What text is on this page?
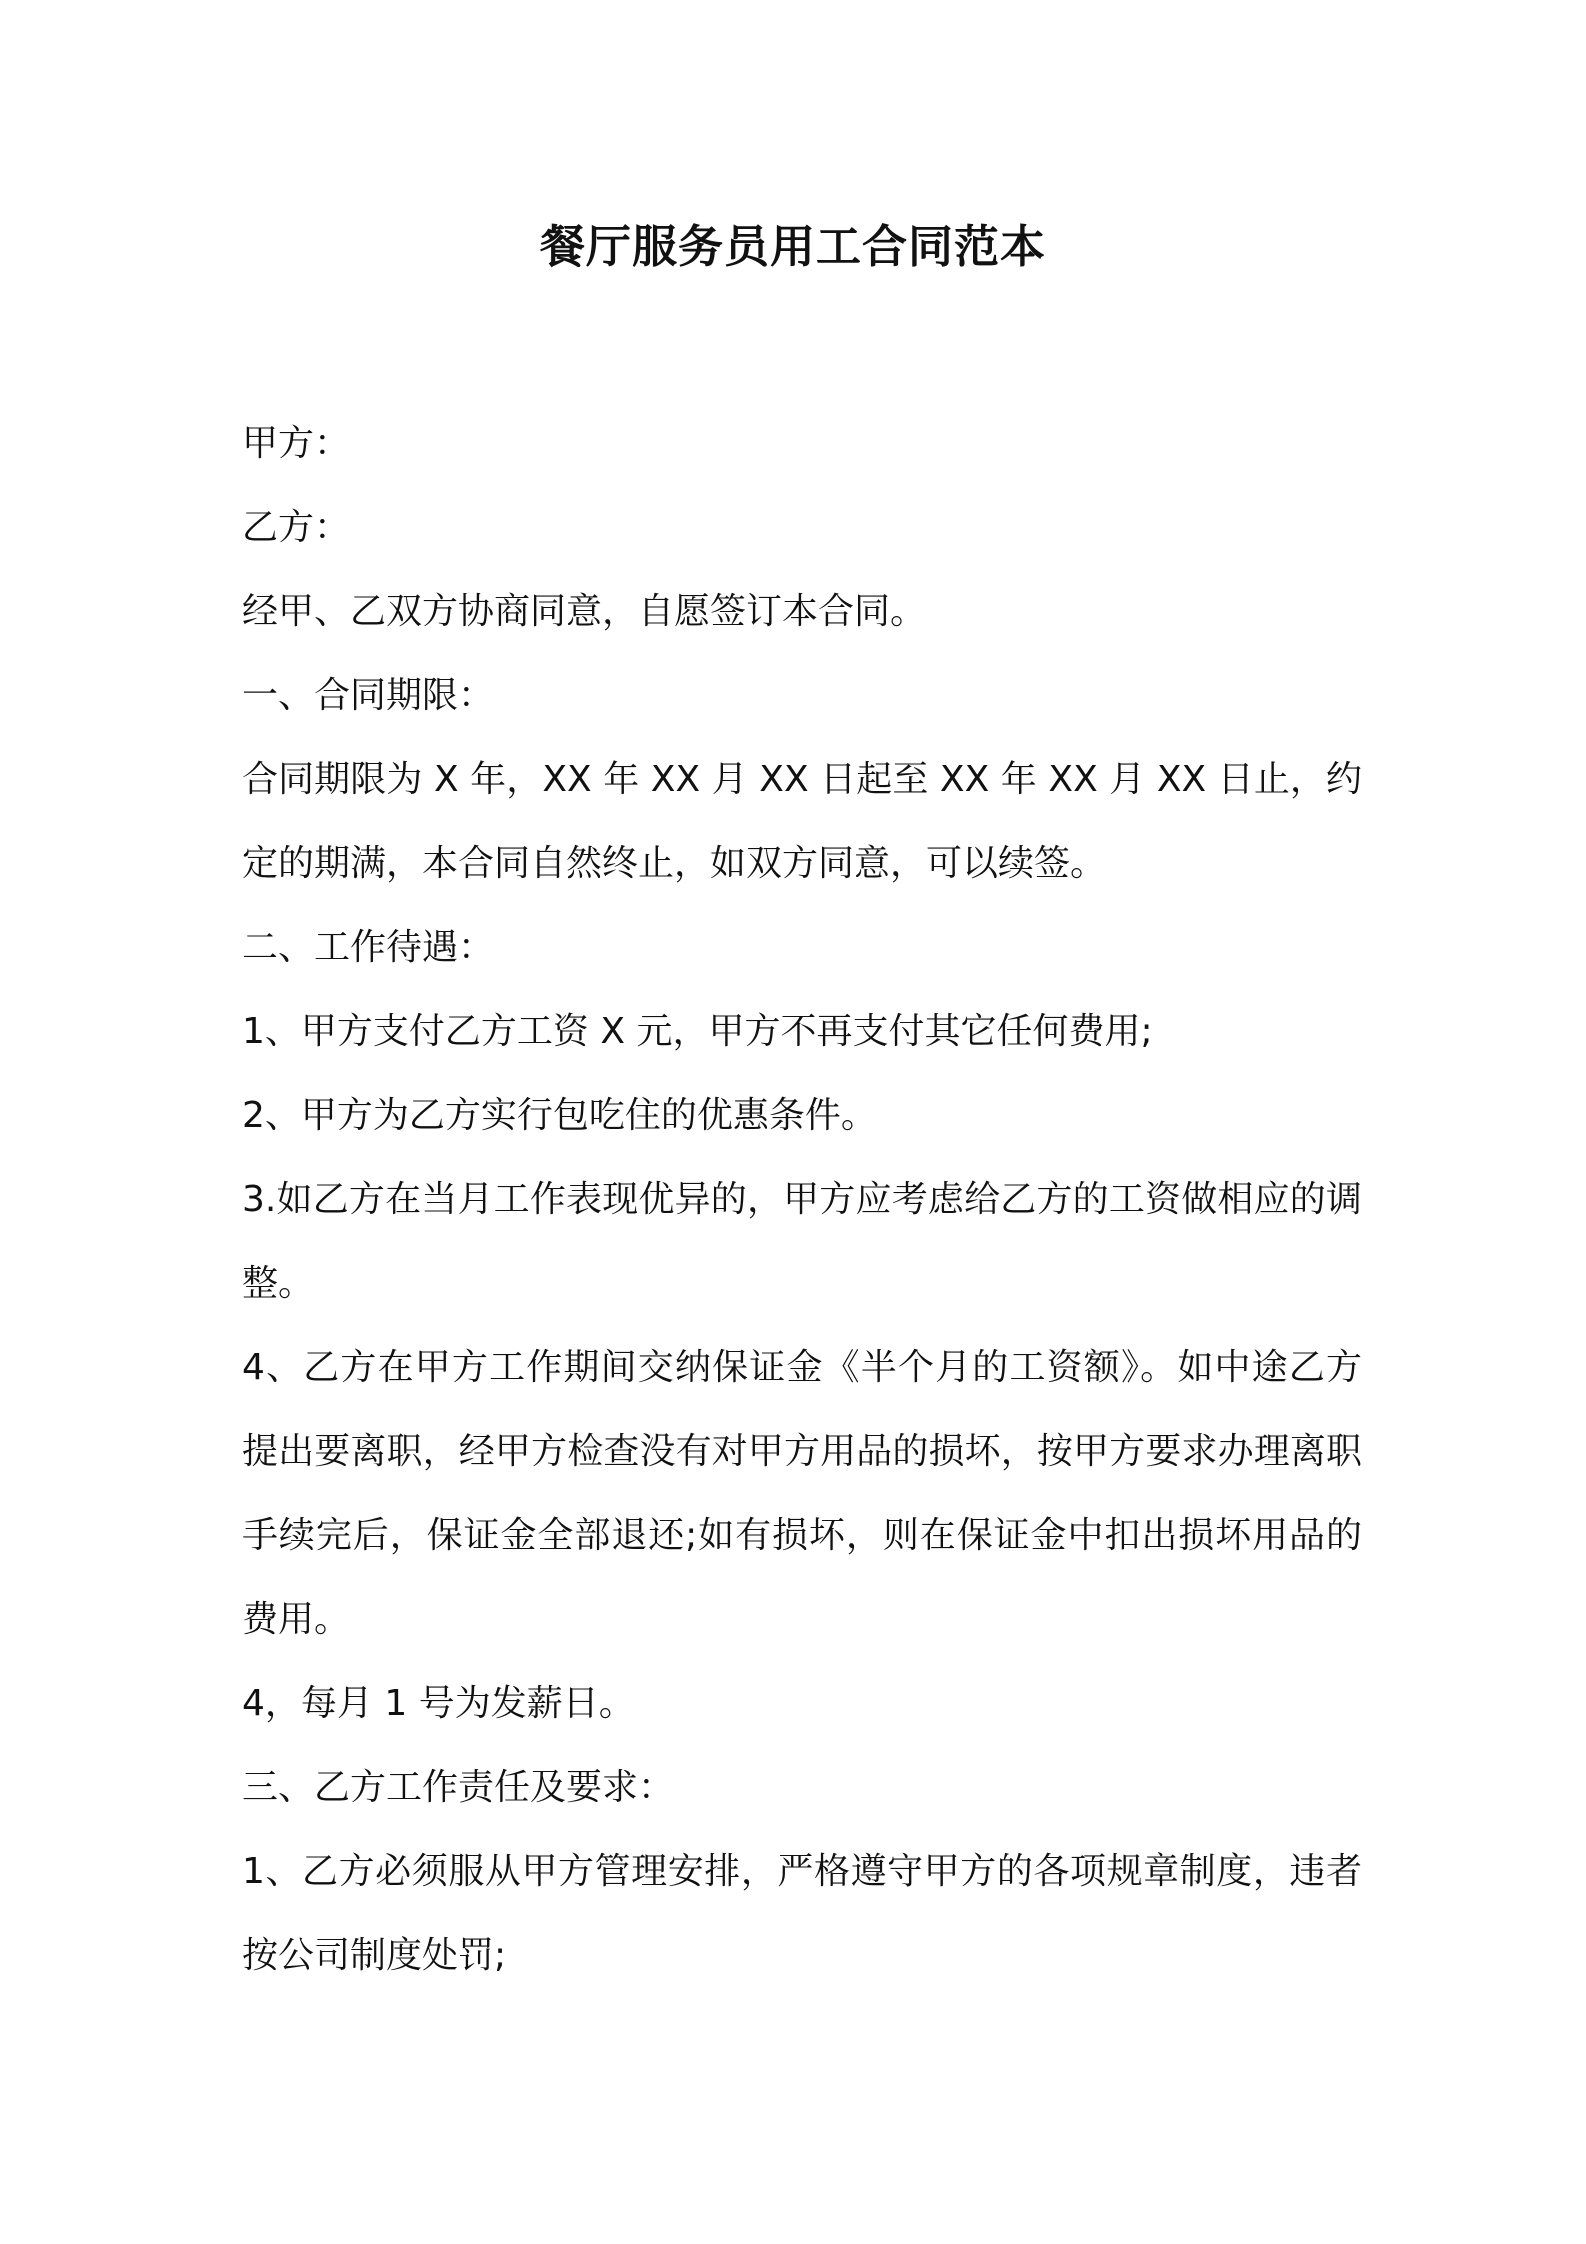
餐厅服务员用工合同范本

甲方：

乙方：

经甲、乙双方协商同意，自愿签订本合同。

一、合同期限：

合同期限为 X 年，XX 年 XX 月 XX 日起至 XX 年 XX 月 XX 日止，约定的期满，本合同自然终止，如双方同意，可以续签。

二、工作待遇：

1、甲方支付乙方工资 X 元，甲方不再支付其它任何费用;

2、甲方为乙方实行包吃住的优惠条件。

3.如乙方在当月工作表现优异的，甲方应考虑给乙方的工资做相应的调整。

4、乙方在甲方工作期间交纳保证金《半个月的工资额》。如中途乙方提出要离职，经甲方检查没有对甲方用品的损坏，按甲方要求办理离职手续完后，保证金全部退还;如有损坏，则在保证金中扣出损坏用品的费用。

4，每月 1 号为发薪日。

三、乙方工作责任及要求：

1、乙方必须服从甲方管理安排，严格遵守甲方的各项规章制度，违者按公司制度处罚;
